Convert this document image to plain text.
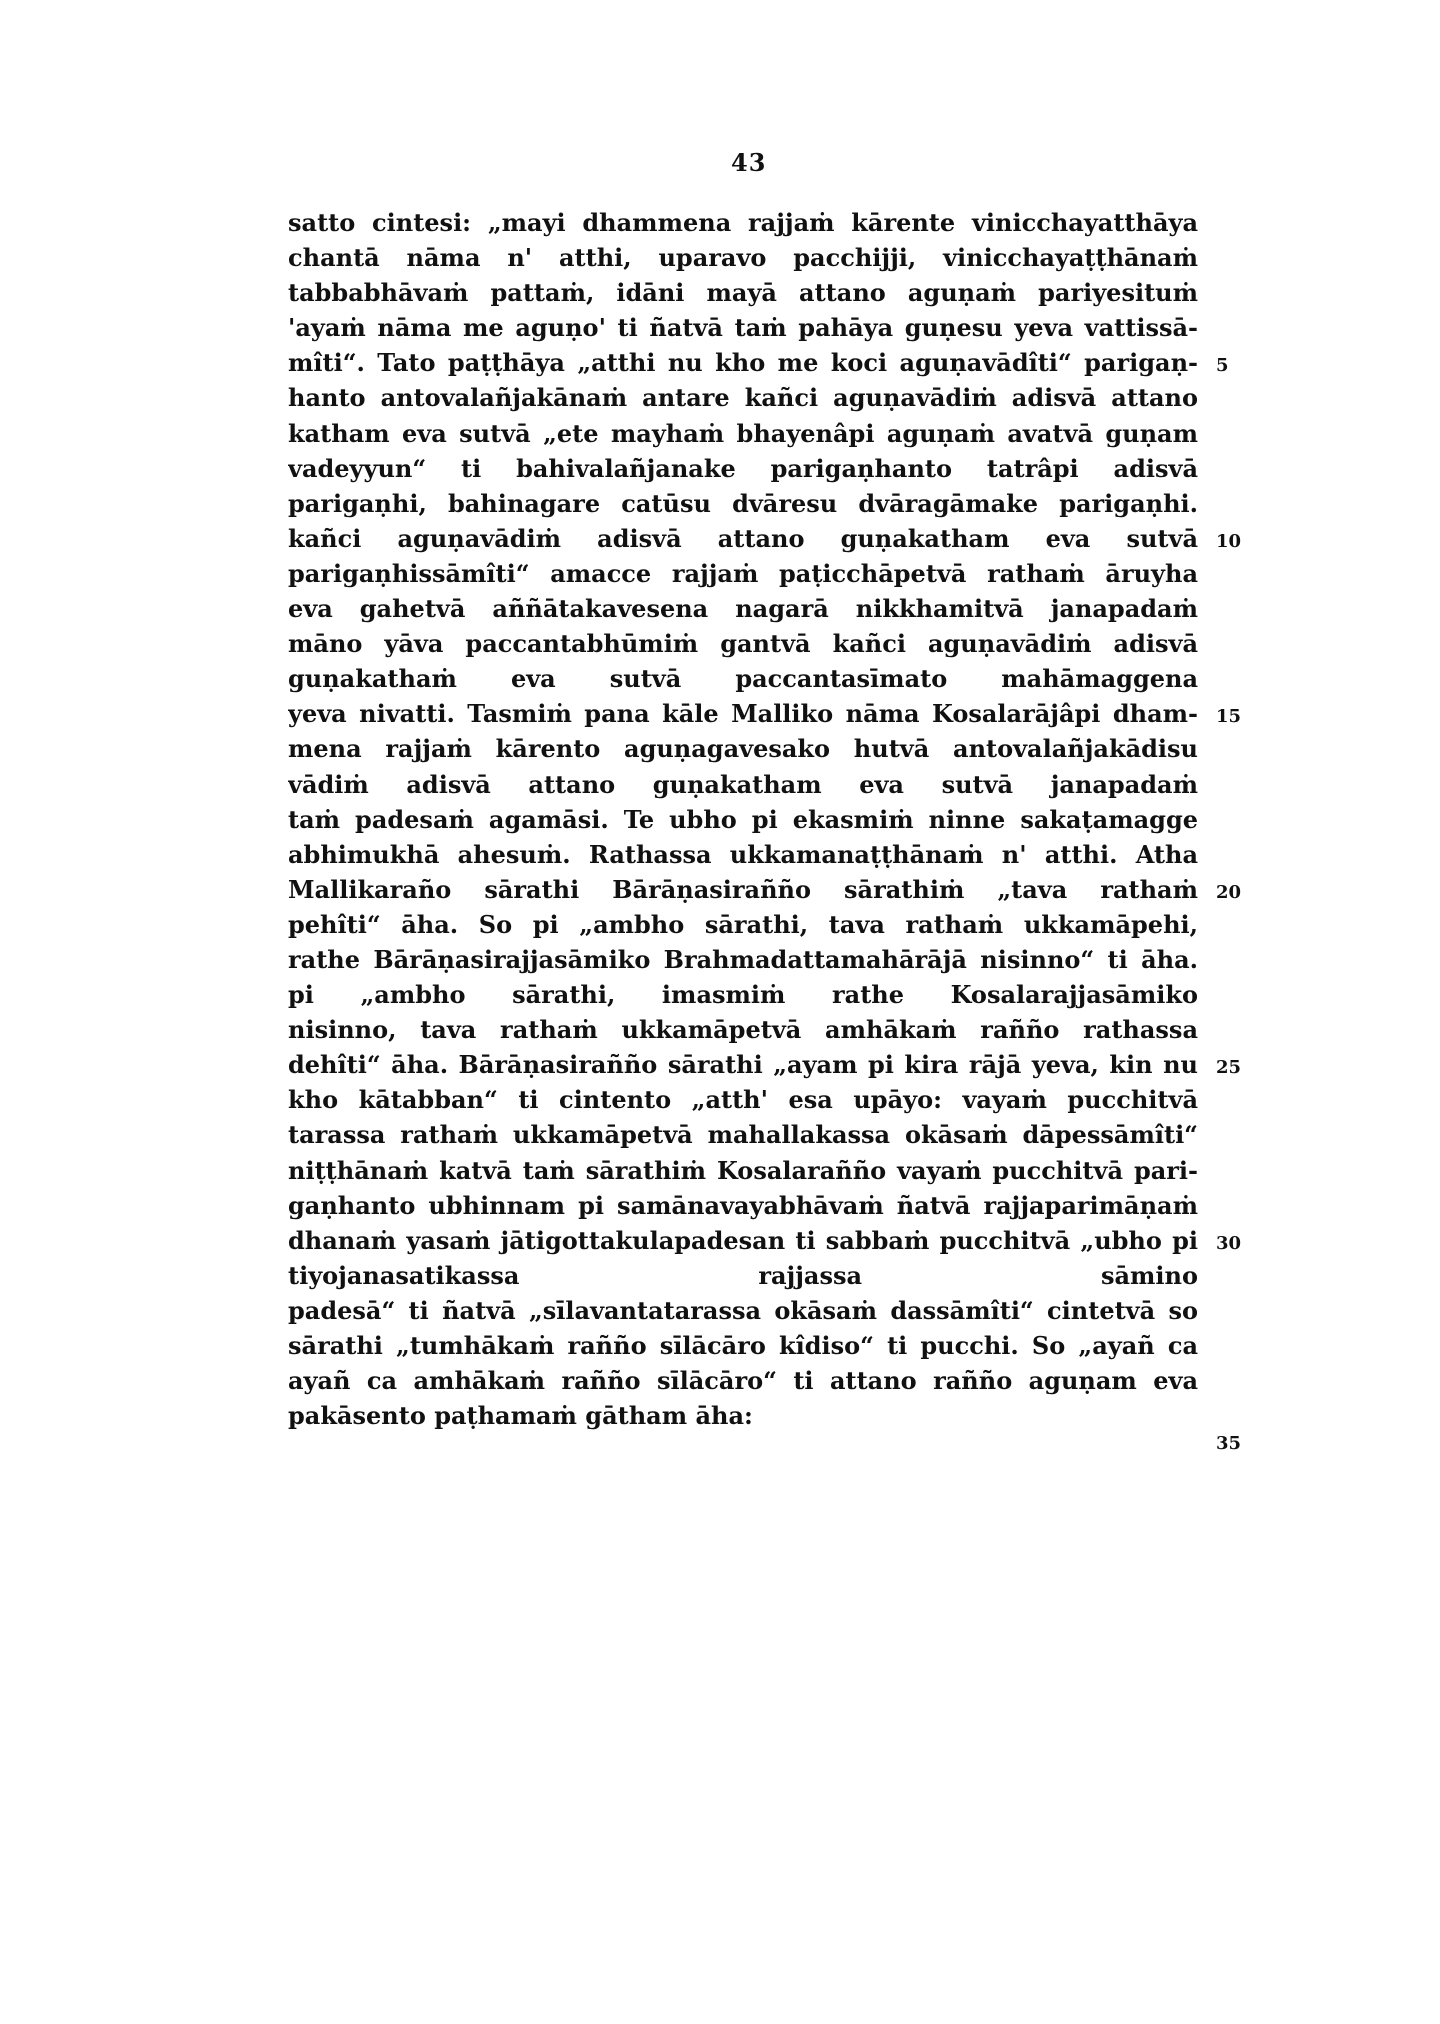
43
satto cintesi: „mayi dhammena rajjaṁ kārente vinicchayatthāya
chantā nāma n' atthi, uparavo pacchijji, vinicchayaṭṭhānaṁ
tabbabhāvaṁ pattaṁ, idāni mayā attano aguṇaṁ pariyesituṁ
'ayaṁ nāma me aguṇo' ti ñatvā taṁ pahāya guṇesu yeva vattissā-
mîti“. Tato paṭṭhāya „atthi nu kho me koci aguṇavādîti“ parigaṇ- 5
hanto antovalañjakānaṁ antare kañci aguṇavādiṁ adisvā attano
katham eva sutvā „ete mayhaṁ bhayenâpi aguṇaṁ avatvā guṇam
vadeyyun“ ti bahivalañjanake parigaṇhanto tatrâpi adisvā
parigaṇhi, bahinagare catūsu dvāresu dvāragāmake parigaṇhi.
kañci aguṇavādiṁ adisvā attano guṇakatham eva sutvā 10
parigaṇhissāmîti“ amacce rajjaṁ paṭicchāpetvā rathaṁ āruyha
eva gahetvā aññātakavesena nagarā nikkhamitvā janapadaṁ
māno yāva paccantabhūmiṁ gantvā kañci aguṇavādiṁ adisvā
guṇakathaṁ eva sutvā paccantasīmato mahāmaggena
yeva nivatti. Tasmiṁ pana kāle Malliko nāma Kosalarājâpi dham- 15
mena rajjaṁ kārento aguṇagavesako hutvā antovalañjakādisu
vādiṁ adisvā attano guṇakatham eva sutvā janapadaṁ
taṁ padesaṁ agamāsi. Te ubho pi ekasmiṁ ninne sakaṭamagge
abhimukhā ahesuṁ. Rathassa ukkamanaṭṭhānaṁ n' atthi. Atha
Mallikaraño sārathi Bārāṇasirañño sārathiṁ „tava rathaṁ 20
pehîti“ āha. So pi „ambho sārathi, tava rathaṁ ukkamāpehi,
rathe Bārāṇasirajjasāmiko Brahmadattamahārājā nisinno“ ti āha.
pi „ambho sārathi, imasmiṁ rathe Kosalarajjasāmiko
nisinno, tava rathaṁ ukkamāpetvā amhākaṁ rañño rathassa
dehîti“ āha. Bārāṇasirañño sārathi „ayam pi kira rājā yeva, kin nu 25
kho kātabban“ ti cintento „atth' esa upāyo: vayaṁ pucchitvā
tarassa rathaṁ ukkamāpetvā mahallakassa okāsaṁ dāpessāmîti“
niṭṭhānaṁ katvā taṁ sārathiṁ Kosalarañño vayaṁ pucchitvā pari-
gaṇhanto ubhinnam pi samānavayabhāvaṁ ñatvā rajjaparimāṇaṁ
dhanaṁ yasaṁ jātigottakulapadesan ti sabbaṁ pucchitvā „ubho pi 30
tiyojanasatikassa rajjassa sāmino
padesā“ ti ñatvā „sīlavantatarassa okāsaṁ dassāmîti“ cintetvā so
sārathi „tumhākaṁ rañño sīlācāro kîdiso“ ti pucchi. So „ayañ ca
ayañ ca amhākaṁ rañño sīlācāro“ ti attano rañño aguṇam eva
pakāsento paṭhamaṁ gātham āha:
35
